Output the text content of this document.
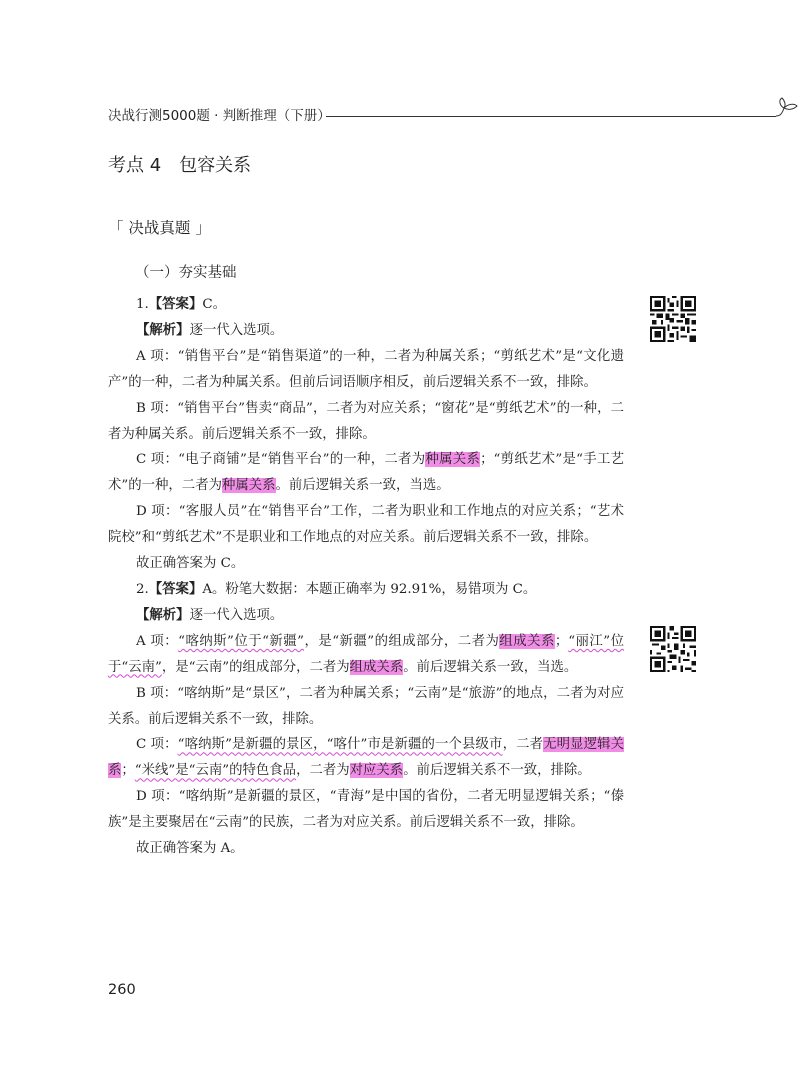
决战行测5000题 · 判断推理（下册）
考点 4　包容关系
「 决战真题 」
（一）夯实基础

1.【答案】C。

【解析】逐一代入选项。

A 项：“销售平台”是“销售渠道”的一种，二者为种属关系；“剪纸艺术”是“文化遗产”的一种，二者为种属关系。但前后词语顺序相反，前后逻辑关系不一致，排除。

B 项：“销售平台”售卖“商品”，二者为对应关系；“窗花”是“剪纸艺术”的一种，二者为种属关系。前后逻辑关系不一致，排除。

C 项：“电子商铺”是“销售平台”的一种，二者为种属关系；“剪纸艺术”是“手工艺术”的一种，二者为种属关系。前后逻辑关系一致，当选。

D 项：“客服人员”在“销售平台”工作，二者为职业和工作地点的对应关系；“艺术院校”和“剪纸艺术”不是职业和工作地点的对应关系。前后逻辑关系不一致，排除。

故正确答案为 C。

2.【答案】A。粉笔大数据：本题正确率为 92.91%，易错项为 C。

【解析】逐一代入选项。

A 项：“喀纳斯”位于“新疆”，是“新疆”的组成部分，二者为组成关系；“丽江”位于“云南”，是“云南”的组成部分，二者为组成关系。前后逻辑关系一致，当选。

B 项：“喀纳斯”是“景区”，二者为种属关系；“云南”是“旅游”的地点，二者为对应关系。前后逻辑关系不一致，排除。

C 项：“喀纳斯”是新疆的景区，“喀什”市是新疆的一个县级市，二者无明显逻辑关系；“米线”是“云南”的特色食品，二者为对应关系。前后逻辑关系不一致，排除。

D 项：“喀纳斯”是新疆的景区，“青海”是中国的省份，二者无明显逻辑关系；“傣族”是主要聚居在“云南”的民族，二者为对应关系。前后逻辑关系不一致，排除。

故正确答案为 A。

260
